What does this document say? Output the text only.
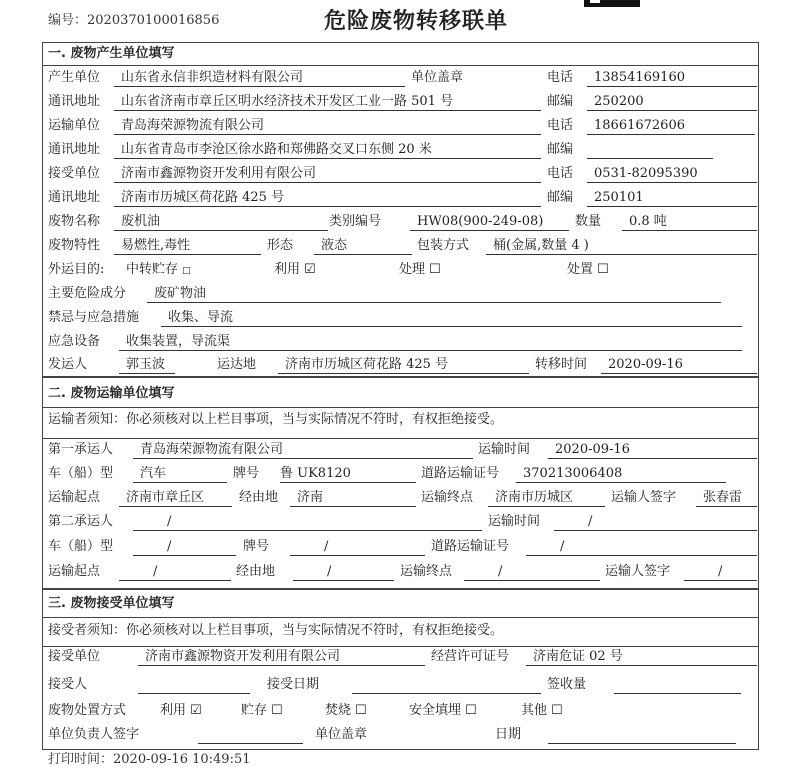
编号：2020370100016856	危险废物转移联单
一. 废物产生单位填写
产生单位	山东省永信非织造材料有限公司	单位盖章	电话	13854169160
通讯地址	山东省济南市章丘区明水经济技术开发区工业一路 501 号	邮编	250200
运输单位	青岛海荣源物流有限公司	电话	18661672606
通讯地址	山东省青岛市李沧区徐水路和郑佛路交叉口东侧 20 米	邮编
接受单位	济南市鑫源物资开发利用有限公司	电话	0531-82095390
通讯地址	济南市历城区荷花路 425 号	邮编	250101
废物名称	废机油	类别编号	HW08(900-249-08)	数量	0.8 吨
废物特性	易燃性,毒性	形态	液态	包装方式	桶(金属,数量 4 )
外运目的: 中转贮存 □	利用 ☑	处理 ☐	处置 ☐
主要危险成分	废矿物油
禁忌与应急措施	收集、导流
应急设备	收集装置，导流渠
发运人	郭玉波	运达地	济南市历城区荷花路 425 号	转移时间	2020-09-16
二. 废物运输单位填写
运输者须知：你必须核对以上栏目事项，当与实际情况不符时，有权拒绝接受。
第一承运人	青岛海荣源物流有限公司	运输时间	2020-09-16
车（船）型	汽车	牌号 鲁 UK8120	道路运输证号	370213006408
运输起点	济南市章丘区	经由地	济南	运输终点	济南市历城区	运输人签字	张春雷
第二承运人	/	运输时间	/
车（船）型	/	牌号	/	道路运输证号	/
运输起点	/	经由地	/	运输终点	/	运输人签字	/
三. 废物接受单位填写
接受者须知：你必须核对以上栏目事项，当与实际情况不符时，有权拒绝接受。
接受单位	济南市鑫源物资开发利用有限公司	经营许可证号	济南危证 02 号
接受人	接受日期	签收量
废物处置方式	利用 ☑	贮存 ☐	焚烧 ☐	安全填埋 ☐	其他 ☐
单位负责人签字	单位盖章	日期
打印时间：2020-09-16 10:49:51
